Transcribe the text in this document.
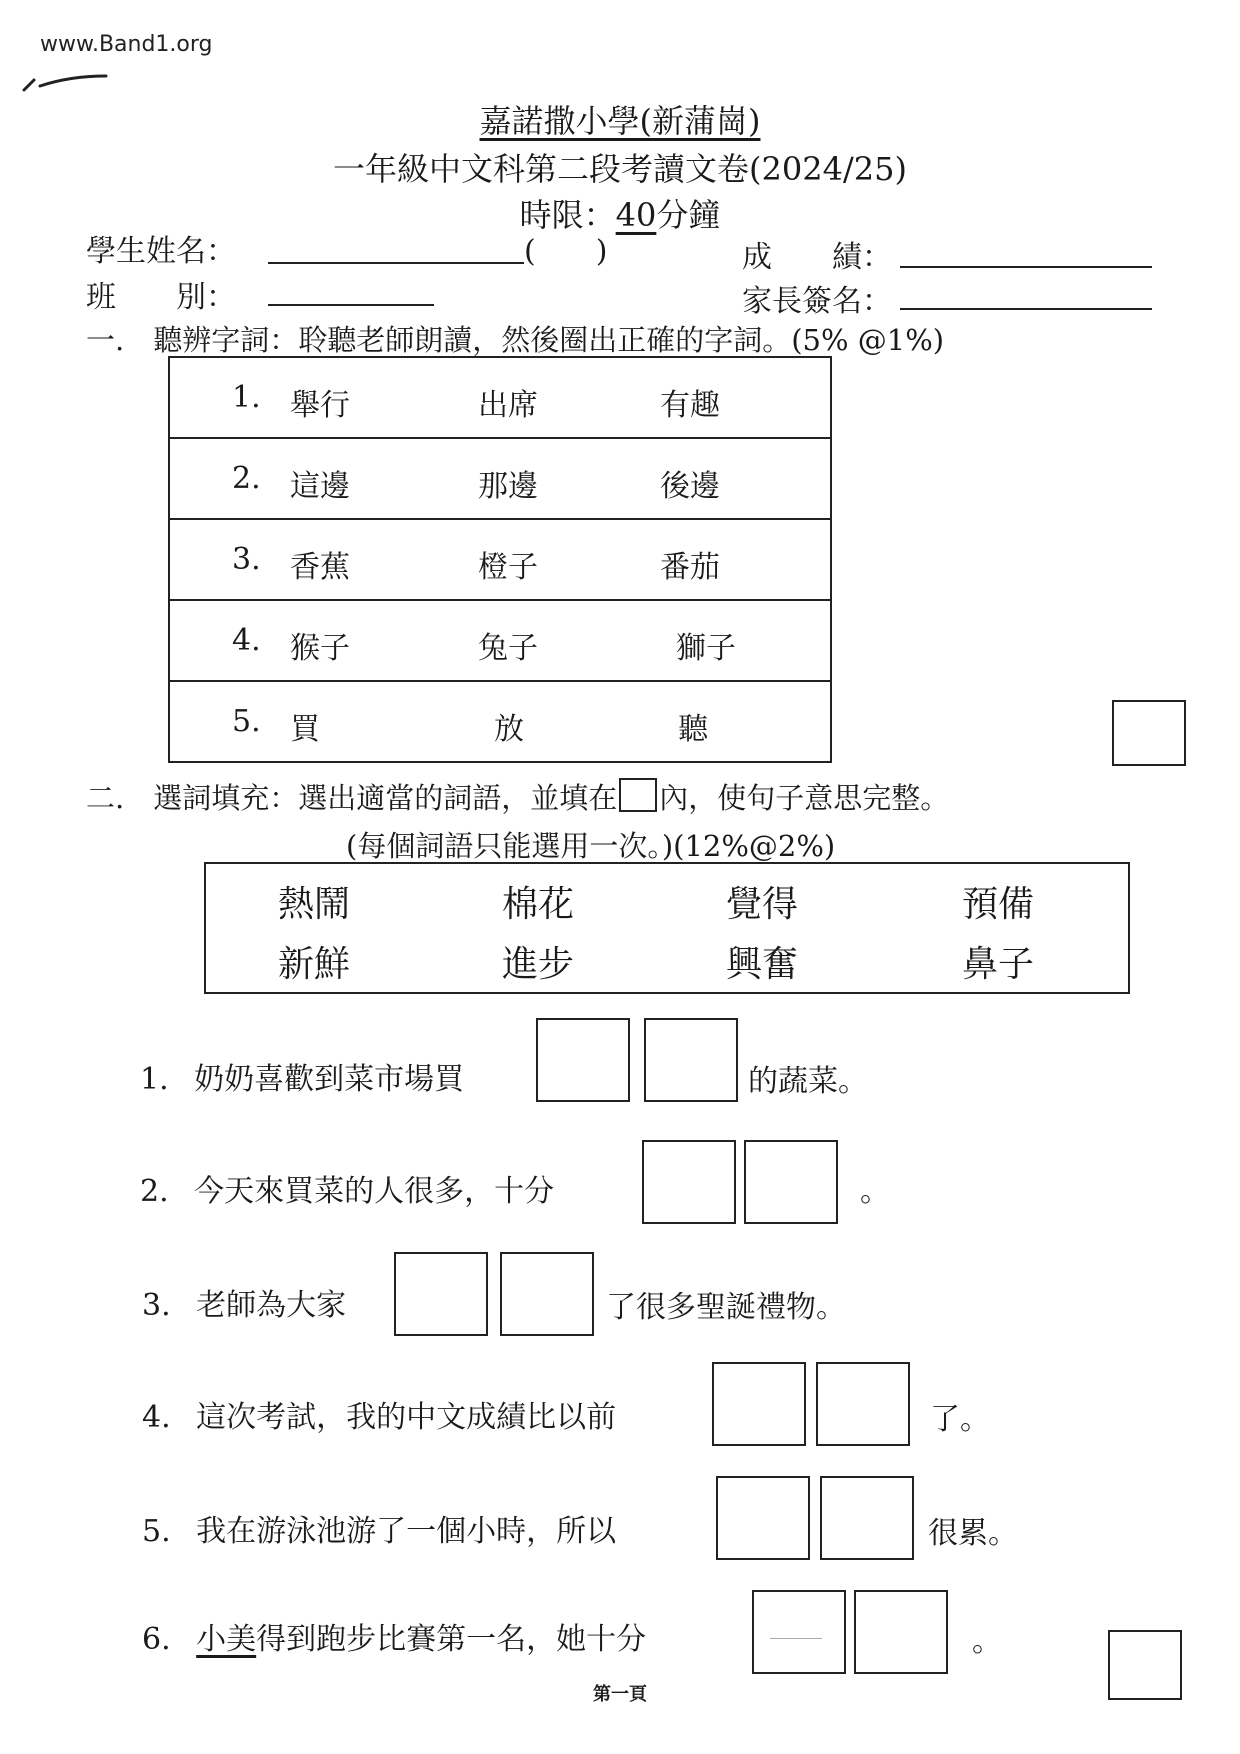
www.Band1.org
嘉諾撒小學(新蒲崗)
一年級中文科第二段考讀文卷(2024/25)
時限：40分鐘
學生姓名：	(　　)	成　　績：
班　　別：	家長簽名：
一.　聽辨字詞：聆聽老師朗讀，然後圈出正確的字詞。(5% @1%)
1. 舉行	出席	有趣
2. 這邊	那邊	後邊
3. 香蕉	橙子	番茄
4. 猴子	兔子	獅子
5. 買	放	聽
二.　選詞填充：選出適當的詞語，並填在 內，使句子意思完整。
(每個詞語只能選用一次。)(12%@2%)
熱鬧	棉花	覺得	預備
新鮮	進步	興奮	鼻子
1. 奶奶喜歡到菜市場買	的蔬菜。
2. 今天來買菜的人很多，十分	。
3. 老師為大家	了很多聖誕禮物。
4. 這次考試，我的中文成績比以前	了。
5. 我在游泳池游了一個小時，所以	很累。
6. 小美得到跑步比賽第一名，她十分	。
第一頁
